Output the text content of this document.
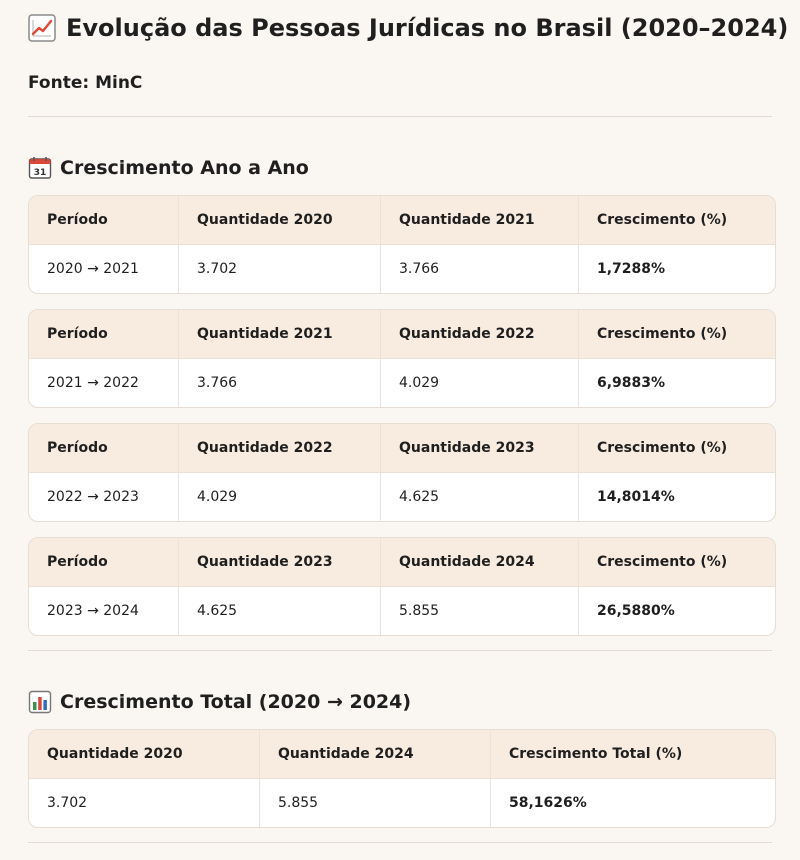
Evolução das Pessoas Jurídicas no Brasil (2020–2024)
Fonte: MinC
31 Crescimento Ano a Ano
Período	Quantidade 2020	Quantidade 2021	Crescimento (%)
2020 → 2021	3.702	3.766	1,7288%
Período	Quantidade 2021	Quantidade 2022	Crescimento (%)
2021 → 2022	3.766	4.029	6,9883%
Período	Quantidade 2022	Quantidade 2023	Crescimento (%)
2022 → 2023	4.029	4.625	14,8014%
Período	Quantidade 2023	Quantidade 2024	Crescimento (%)
2023 → 2024	4.625	5.855	26,5880%
Crescimento Total (2020 → 2024)
Quantidade 2020	Quantidade 2024	Crescimento Total (%)
3.702	5.855	58,1626%
